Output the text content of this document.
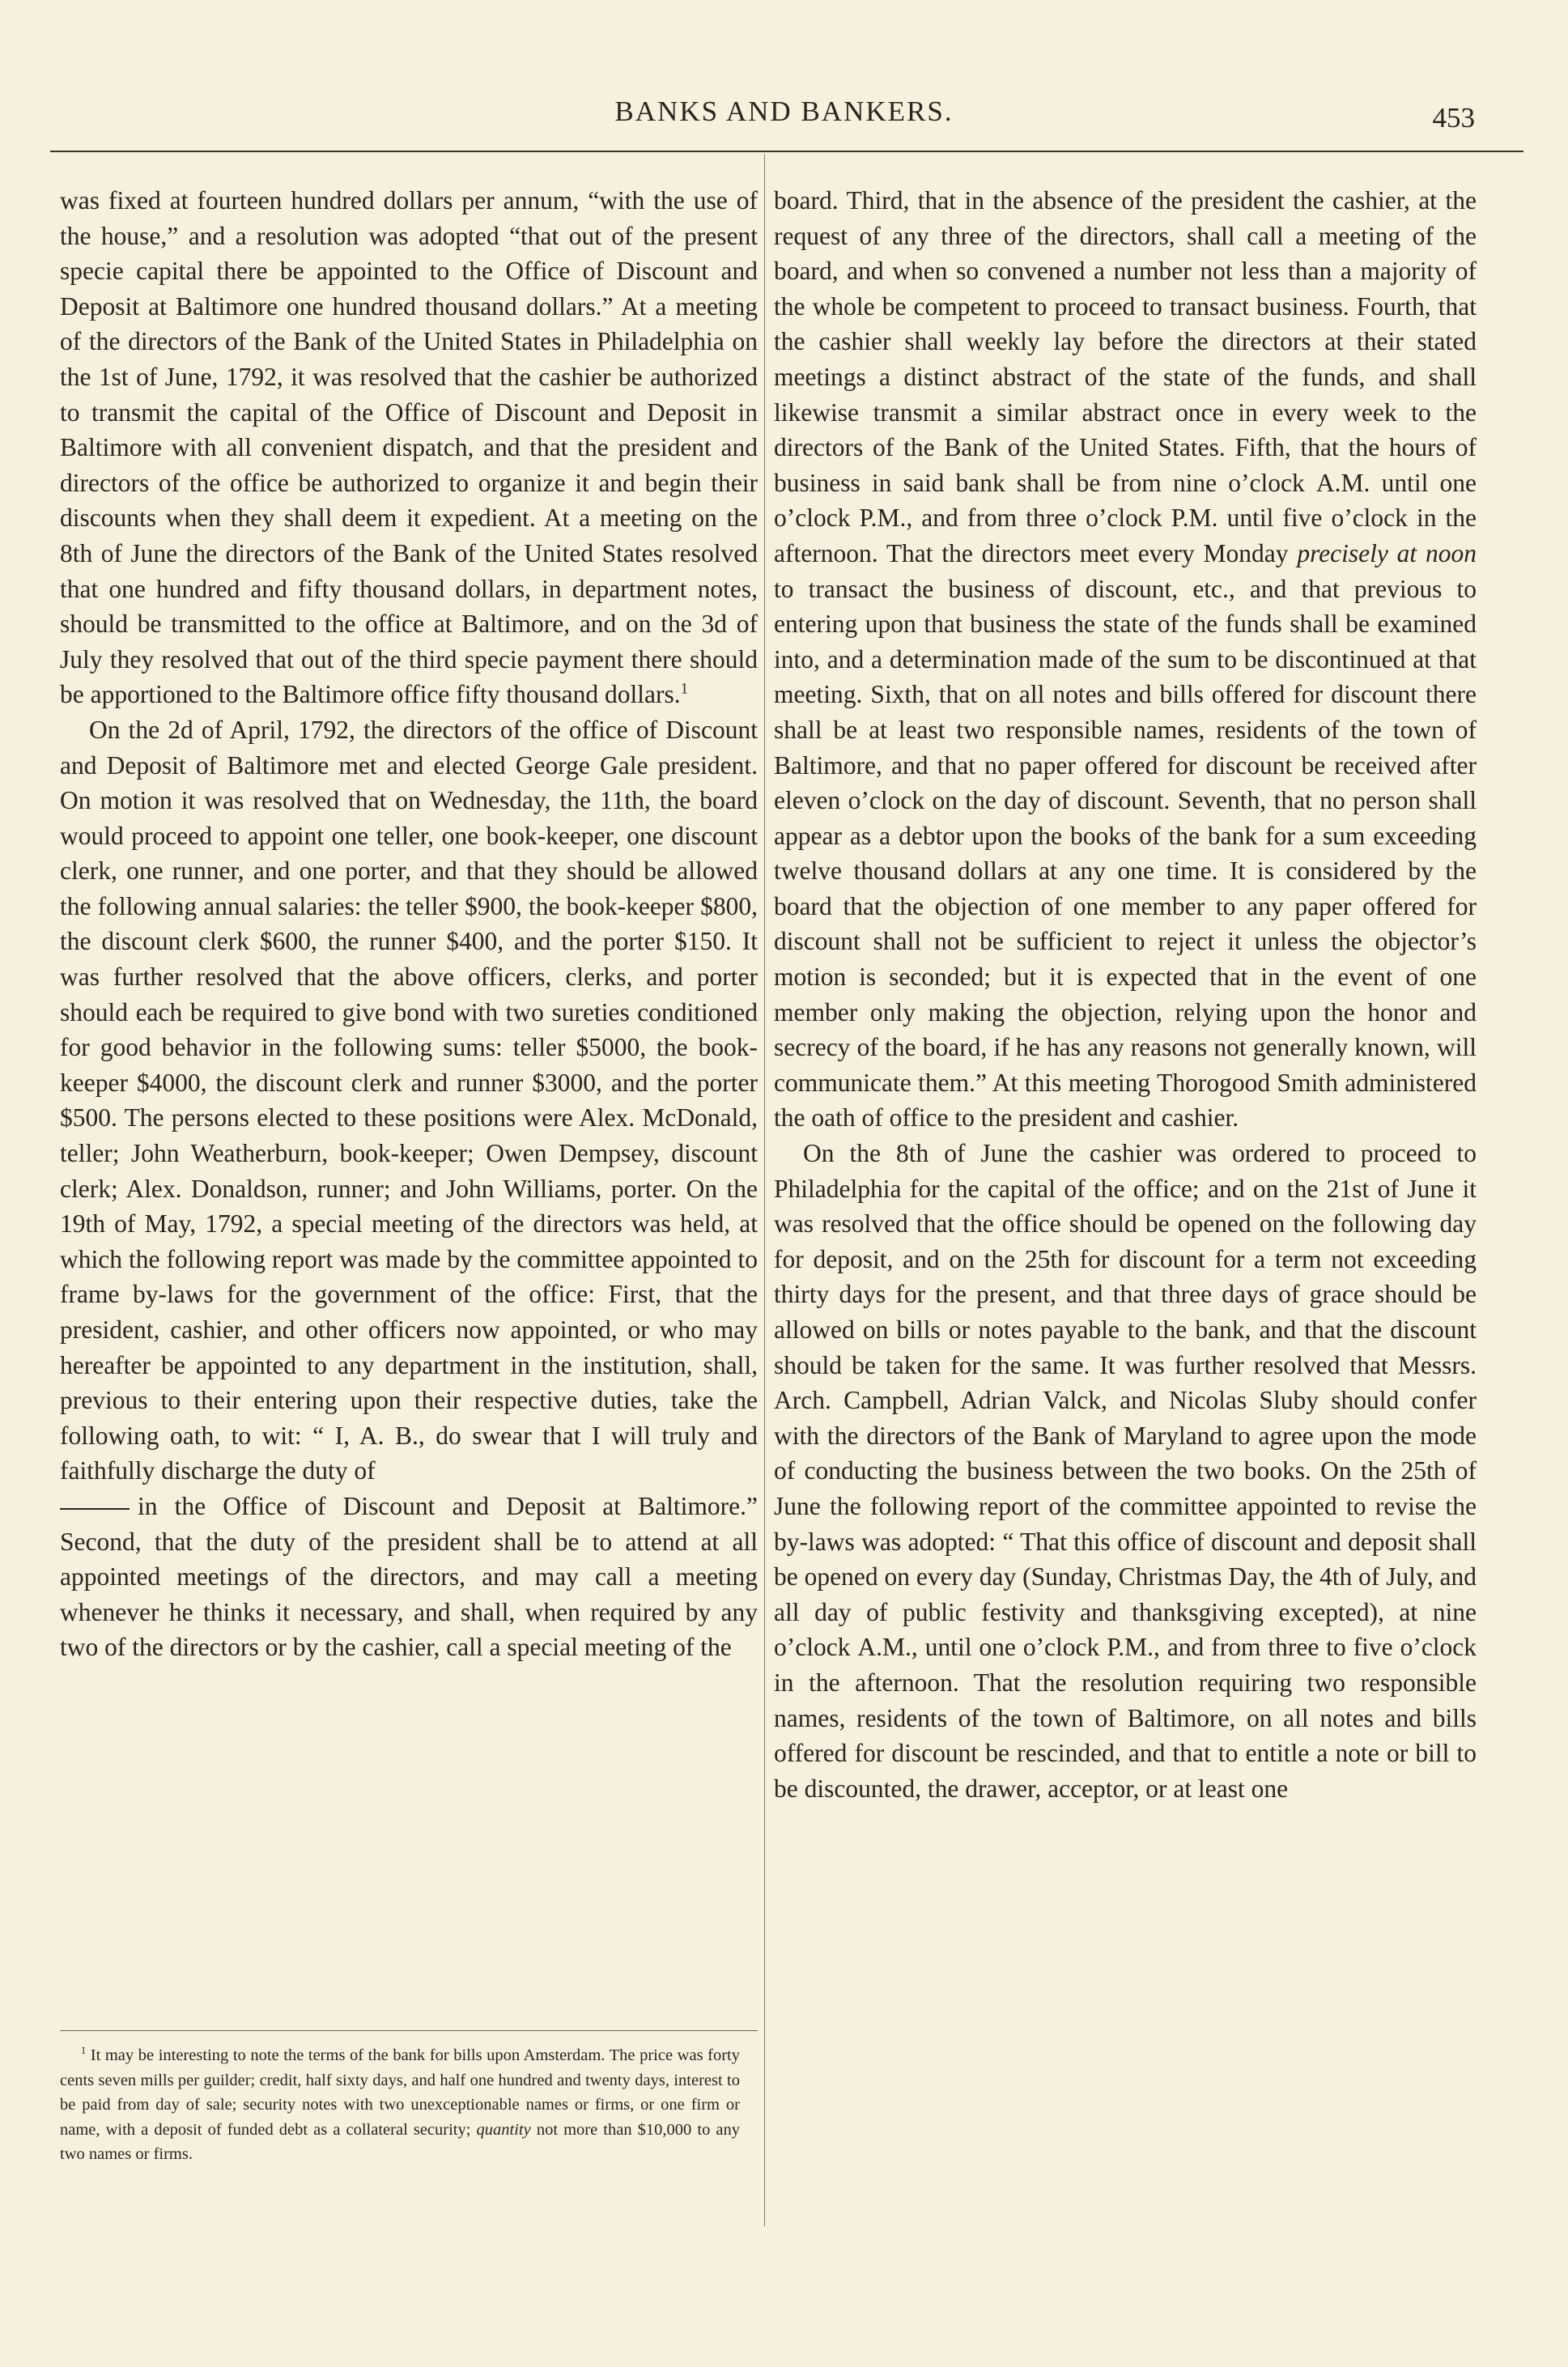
BANKS AND BANKERS.	453

was fixed at fourteen hundred dollars per annum, “with the use of the house,” and a resolution was adopted “that out of the present specie capital there be appointed to the Office of Discount and Deposit at Baltimore one hundred thousand dollars.” At a meeting of the directors of the Bank of the United States in Philadelphia on the 1st of June, 1792, it was resolved that the cashier be authorized to transmit the capital of the Office of Discount and Deposit in Baltimore with all convenient dispatch, and that the president and directors of the office be authorized to organize it and begin their discounts when they shall deem it expedient. At a meeting on the 8th of June the directors of the Bank of the United States resolved that one hundred and fifty thousand dollars, in department notes, should be transmitted to the office at Baltimore, and on the 3d of July they resolved that out of the third specie payment there should be apportioned to the Baltimore office fifty thousand dollars.$^1$

On the 2d of April, 1792, the directors of the office of Discount and Deposit of Baltimore met and elected George Gale president. On motion it was resolved that on Wednesday, the 11th, the board would proceed to appoint one teller, one book-keeper, one discount clerk, one runner, and one porter, and that they should be allowed the following annual salaries: the teller $900, the book-keeper $800, the discount clerk $600, the runner $400, and the porter $150. It was further resolved that the above officers, clerks, and porter should each be required to give bond with two sureties conditioned for good behavior in the following sums: teller $5000, the book-keeper $4000, the discount clerk and runner $3000, and the porter $500. The persons elected to these positions were Alex. McDonald, teller; John Weatherburn, book-keeper; Owen Dempsey, discount clerk; Alex. Donaldson, runner; and John Williams, porter. On the 19th of May, 1792, a special meeting of the directors was held, at which the following report was made by the committee appointed to frame by-laws for the government of the office: First, that the president, cashier, and other officers now appointed, or who may hereafter be appointed to any department in the institution, shall, previous to their entering upon their respective duties, take the following oath, to wit: “ I, A. B., do swear that I will truly and faithfully discharge the duty of
in the Office of Discount and Deposit at Baltimore.” Second, that the duty of the president shall be to attend at all appointed meetings of the directors, and may call a meeting whenever he thinks it necessary, and shall, when required by any two of the directors or by the cashier, call a special meeting of the

$^1$ It may be interesting to note the terms of the bank for bills upon Amsterdam. The price was forty cents seven mills per guilder; credit, half sixty days, and half one hundred and twenty days, interest to be paid from day of sale; security notes with two unexceptionable names or firms, or one firm or name, with a deposit of funded debt as a collateral security; quantity not more than $10,000 to any two names or firms.

board. Third, that in the absence of the president the cashier, at the request of any three of the directors, shall call a meeting of the board, and when so convened a number not less than a majority of the whole be competent to proceed to transact business. Fourth, that the cashier shall weekly lay before the directors at their stated meetings a distinct abstract of the state of the funds, and shall likewise transmit a similar abstract once in every week to the directors of the Bank of the United States. Fifth, that the hours of business in said bank shall be from nine o’clock A.M. until one o’clock P.M., and from three o’clock P.M. until five o’clock in the afternoon. That the directors meet every Monday precisely at noon to transact the business of discount, etc., and that previous to entering upon that business the state of the funds shall be examined into, and a determination made of the sum to be discontinued at that meeting. Sixth, that on all notes and bills offered for discount there shall be at least two responsible names, residents of the town of Baltimore, and that no paper offered for discount be received after eleven o’clock on the day of discount. Seventh, that no person shall appear as a debtor upon the books of the bank for a sum exceeding twelve thousand dollars at any one time. It is considered by the board that the objection of one member to any paper offered for discount shall not be sufficient to reject it unless the objector’s motion is seconded; but it is expected that in the event of one member only making the objection, relying upon the honor and secrecy of the board, if he has any reasons not generally known, will communicate them.” At this meeting Thorogood Smith administered the oath of office to the president and cashier.

On the 8th of June the cashier was ordered to proceed to Philadelphia for the capital of the office; and on the 21st of June it was resolved that the office should be opened on the following day for deposit, and on the 25th for discount for a term not exceeding thirty days for the present, and that three days of grace should be allowed on bills or notes payable to the bank, and that the discount should be taken for the same. It was further resolved that Messrs. Arch. Campbell, Adrian Valck, and Nicolas Sluby should confer with the directors of the Bank of Maryland to agree upon the mode of conducting the business between the two books. On the 25th of June the following report of the committee appointed to revise the by-laws was adopted: “ That this office of discount and deposit shall be opened on every day (Sunday, Christmas Day, the 4th of July, and all day of public festivity and thanksgiving excepted), at nine o’clock A.M., until one o’clock P.M., and from three to five o’clock in the afternoon. That the resolution requiring two responsible names, residents of the town of Baltimore, on all notes and bills offered for discount be rescinded, and that to entitle a note or bill to be discounted, the drawer, acceptor, or at least one
